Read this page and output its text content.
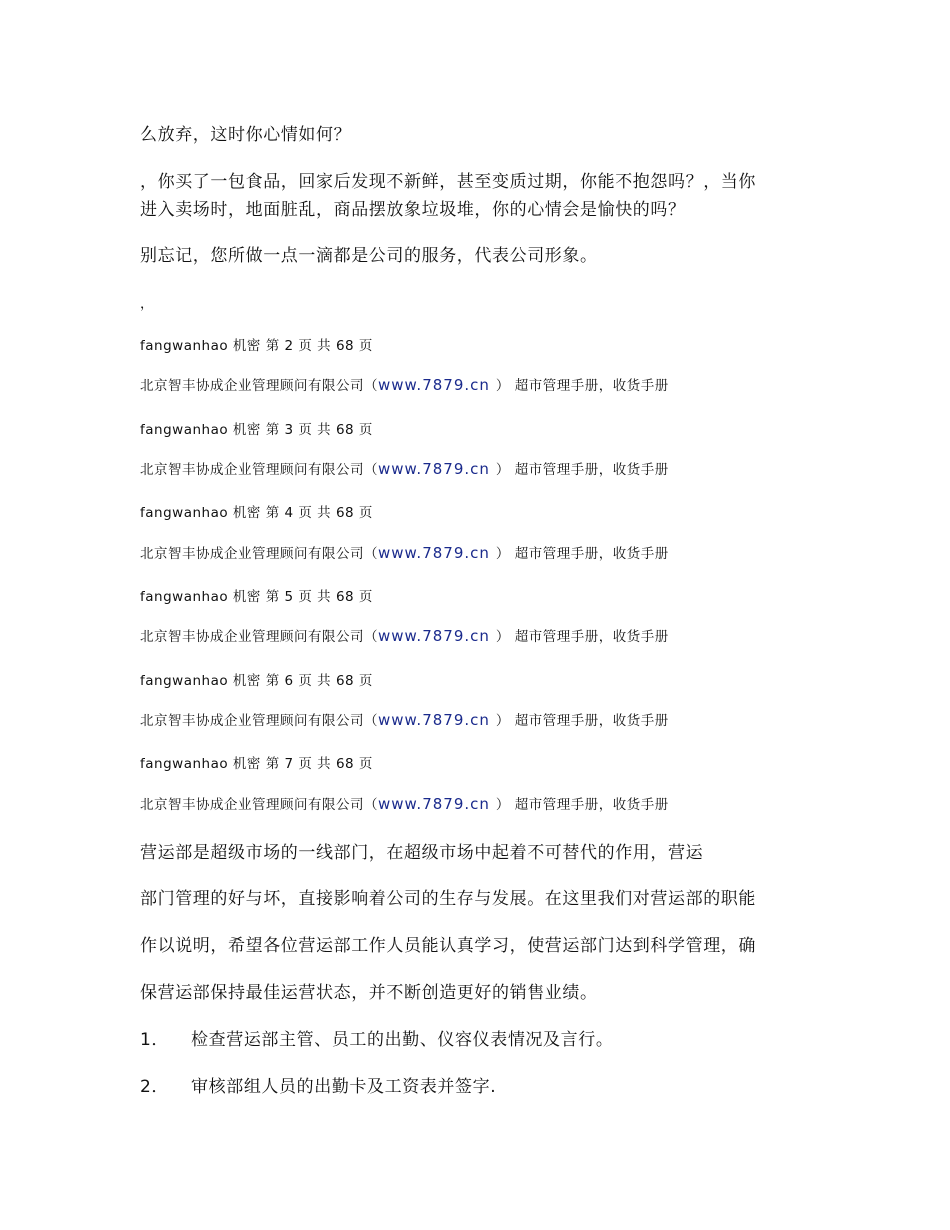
么放弃，这时你心情如何？
，你买了一包食品，回家后发现不新鲜，甚至变质过期，你能不抱怨吗？，当你
进入卖场时，地面脏乱，商品摆放象垃圾堆，你的心情会是愉快的吗？
别忘记，您所做一点一滴都是公司的服务，代表公司形象。
，
fangwanhao 机密 第 2 页 共 68 页
北京智丰协成企业管理顾问有限公司（www.7879.cn ） 超市管理手册，收货手册
fangwanhao 机密 第 3 页 共 68 页
北京智丰协成企业管理顾问有限公司（www.7879.cn ） 超市管理手册，收货手册
fangwanhao 机密 第 4 页 共 68 页
北京智丰协成企业管理顾问有限公司（www.7879.cn ） 超市管理手册，收货手册
fangwanhao 机密 第 5 页 共 68 页
北京智丰协成企业管理顾问有限公司（www.7879.cn ） 超市管理手册，收货手册
fangwanhao 机密 第 6 页 共 68 页
北京智丰协成企业管理顾问有限公司（www.7879.cn ） 超市管理手册，收货手册
fangwanhao 机密 第 7 页 共 68 页
北京智丰协成企业管理顾问有限公司（www.7879.cn ） 超市管理手册，收货手册
营运部是超级市场的一线部门，在超级市场中起着不可替代的作用，营运
部门管理的好与坏，直接影响着公司的生存与发展。在这里我们对营运部的职能
作以说明，希望各位营运部工作人员能认真学习，使营运部门达到科学管理，确
保营运部保持最佳运营状态，并不断创造更好的销售业绩。
1． 检查营运部主管、员工的出勤、仪容仪表情况及言行。
2． 审核部组人员的出勤卡及工资表并签字.
